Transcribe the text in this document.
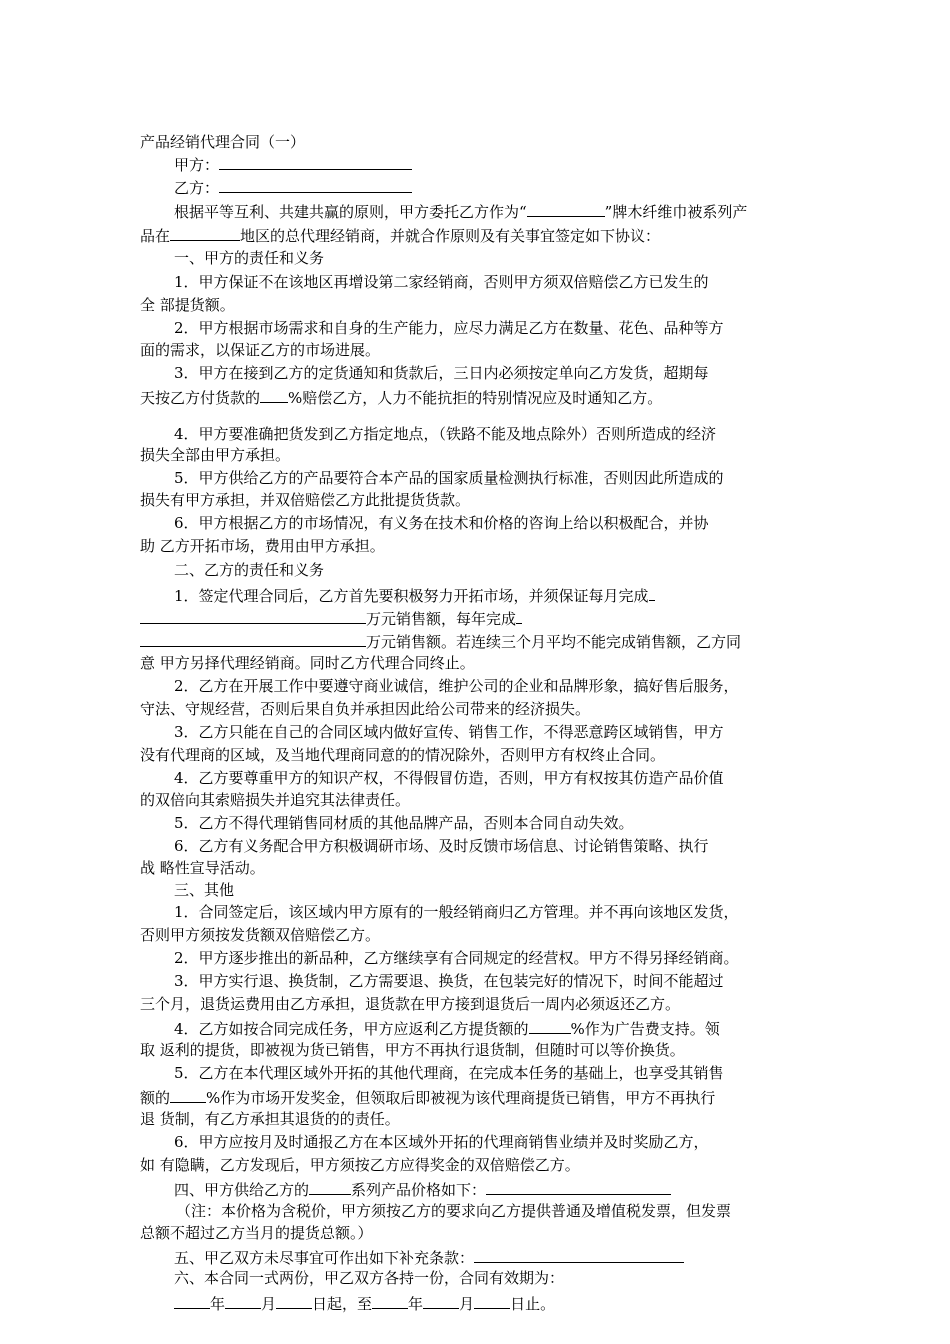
产品经销代理合同（一）
甲方：
乙方：
根据平等互利、共建共赢的原则，甲方委托乙方作为“	”牌木纤维巾被系列产
品在	地区的总代理经销商，并就合作原则及有关事宜签定如下协议：
一、甲方的责任和义务
1．甲方保证不在该地区再增设第二家经销商，否则甲方须双倍赔偿乙方已发生的
全 部提货额。
2．甲方根据市场需求和自身的生产能力，应尽力满足乙方在数量、花色、品种等方
面的需求，以保证乙方的市场进展。
3．甲方在接到乙方的定货通知和货款后，三日内必须按定单向乙方发货，超期每
天按乙方付货款的 %赔偿乙方，人力不能抗拒的特别情况应及时通知乙方。
4．甲方要准确把货发到乙方指定地点，（铁路不能及地点除外）否则所造成的经济
损失全部由甲方承担。
5．甲方供给乙方的产品要符合本产品的国家质量检测执行标准，否则因此所造成的
损失有甲方承担，并双倍赔偿乙方此批提货货款。
6．甲方根据乙方的市场情况，有义务在技术和价格的咨询上给以积极配合，并协
助 乙方开拓市场，费用由甲方承担。
二、乙方的责任和义务
1．签定代理合同后，乙方首先要积极努力开拓市场，并须保证每月完成
万元销售额，每年完成
万元销售额。若连续三个月平均不能完成销售额，乙方同
意 甲方另择代理经销商。同时乙方代理合同终止。
2．乙方在开展工作中要遵守商业诚信，维护公司的企业和品牌形象，搞好售后服务，
守法、守规经营，否则后果自负并承担因此给公司带来的经济损失。
3．乙方只能在自己的合同区域内做好宣传、销售工作，不得恶意跨区域销售，甲方
没有代理商的区域，及当地代理商同意的的情况除外，否则甲方有权终止合同。
4．乙方要尊重甲方的知识产权，不得假冒仿造，否则，甲方有权按其仿造产品价值
的双倍向其索赔损失并追究其法律责任。
5．乙方不得代理销售同材质的其他品牌产品，否则本合同自动失效。
6．乙方有义务配合甲方积极调研市场、及时反馈市场信息、讨论销售策略、执行
战 略性宣导活动。
三、其他
1．合同签定后，该区域内甲方原有的一般经销商归乙方管理。并不再向该地区发货，
否则甲方须按发货额双倍赔偿乙方。
2．甲方逐步推出的新品种，乙方继续享有合同规定的经营权。甲方不得另择经销商。
3．甲方实行退、换货制，乙方需要退、换货，在包装完好的情况下，时间不能超过
三个月，退货运费用由乙方承担，退货款在甲方接到退货后一周内必须返还乙方。
4．乙方如按合同完成任务，甲方应返利乙方提货额的	%作为广告费支持。领
取 返利的提货，即被视为货已销售，甲方不再执行退货制，但随时可以等价换货。
5．乙方在本代理区域外开拓的其他代理商，在完成本任务的基础上，也享受其销售
额的 %作为市场开发奖金，但领取后即被视为该代理商提货已销售，甲方不再执行
退 货制，有乙方承担其退货的的责任。
6．甲方应按月及时通报乙方在本区域外开拓的代理商销售业绩并及时奖励乙方，
如 有隐瞒，乙方发现后，甲方须按乙方应得奖金的双倍赔偿乙方。
四、甲方供给乙方的	系列产品价格如下：
（注：本价格为含税价，甲方须按乙方的要求向乙方提供普通及增值税发票，但发票
总额不超过乙方当月的提货总额。）
五、甲乙双方未尽事宜可作出如下补充条款：
六、本合同一式两份，甲乙双方各持一份，合同有效期为：
年 月 日起，至 年 月 日止。
